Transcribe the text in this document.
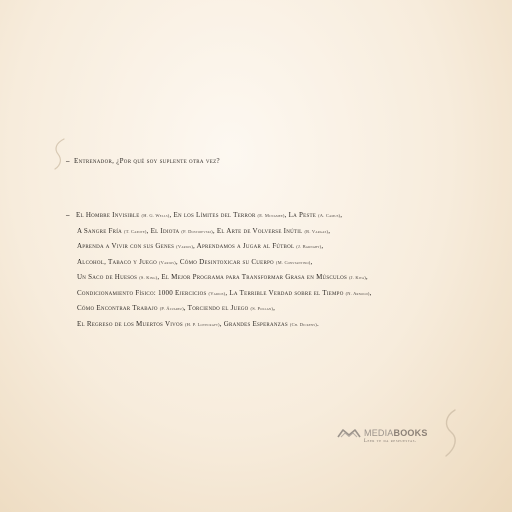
– Entrenador, ¿Por qué soy suplente otra vez?
– El Hombre Invisible (H. G. Wells), En los Límites del Terror (E. Mcnamee), La Peste (A. Camus),
A Sangre Fría (T. Capote), El Idiota (F. Dostoievski), El Arte de Volverse Inútil (R. Vargas),
Aprenda a Vivir con sus Genes (Varios), Aprendamos a Jugar al Fútbol (J. Barnaby),
Alcohol, Tabaco y Juego (Varios), Cómo Desintoxicar su Cuerpo (M. Constantino),
Un Saco de Huesos (S. King), El Mejor Programa para Transformar Grasa en Músculos (J. Kita),
Condicionamiento Físico: 1000 Ejercicios (Varios), La Terrible Verdad sobre el Tiempo (N. Arnold),
Cómo Encontrar Trabajo (P. Álvarez), Torciendo el Juego (S. Pollan),
El Regreso de los Muertos Vivos (H. P. Lovecraft), Grandes Esperanzas (Ch. Dickens).
MEDIABOOKS
Leer te da respuestas.
